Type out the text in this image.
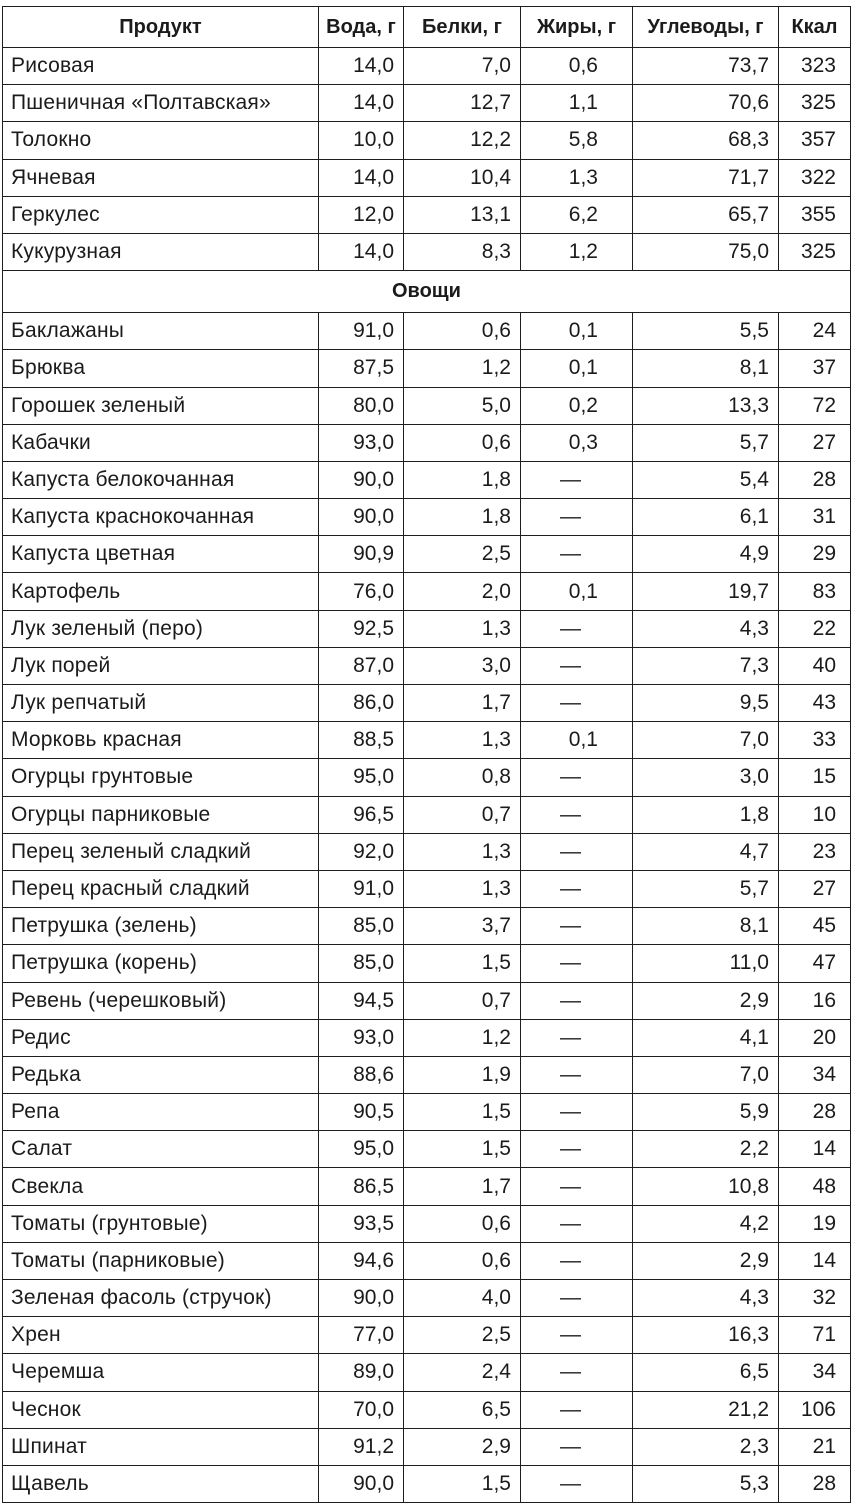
Продукт	Вода, г	Белки, г	Жиры, г	Углеводы, г	Ккал
Рисовая	14,0	7,0	0,6	73,7	323
Пшеничная «Полтавская»	14,0	12,7	1,1	70,6	325
Толокно	10,0	12,2	5,8	68,3	357
Ячневая	14,0	10,4	1,3	71,7	322
Геркулес	12,0	13,1	6,2	65,7	355
Кукурузная	14,0	8,3	1,2	75,0	325
Овощи					
Баклажаны	91,0	0,6	0,1	5,5	24
Брюква	87,5	1,2	0,1	8,1	37
Горошек зеленый	80,0	5,0	0,2	13,3	72
Кабачки	93,0	0,6	0,3	5,7	27
Капуста белокочанная	90,0	1,8	—	5,4	28
Капуста краснокочанная	90,0	1,8	—	6,1	31
Капуста цветная	90,9	2,5	—	4,9	29
Картофель	76,0	2,0	0,1	19,7	83
Лук зеленый (перо)	92,5	1,3	—	4,3	22
Лук порей	87,0	3,0	—	7,3	40
Лук репчатый	86,0	1,7	—	9,5	43
Морковь красная	88,5	1,3	0,1	7,0	33
Огурцы грунтовые	95,0	0,8	—	3,0	15
Огурцы парниковые	96,5	0,7	—	1,8	10
Перец зеленый сладкий	92,0	1,3	—	4,7	23
Перец красный сладкий	91,0	1,3	—	5,7	27
Петрушка (зелень)	85,0	3,7	—	8,1	45
Петрушка (корень)	85,0	1,5	—	11,0	47
Ревень (черешковый)	94,5	0,7	—	2,9	16
Редис	93,0	1,2	—	4,1	20
Редька	88,6	1,9	—	7,0	34
Репа	90,5	1,5	—	5,9	28
Салат	95,0	1,5	—	2,2	14
Свекла	86,5	1,7	—	10,8	48
Томаты (грунтовые)	93,5	0,6	—	4,2	19
Томаты (парниковые)	94,6	0,6	—	2,9	14
Зеленая фасоль (стручок)	90,0	4,0	—	4,3	32
Хрен	77,0	2,5	—	16,3	71
Черемша	89,0	2,4	—	6,5	34
Чеснок	70,0	6,5	—	21,2	106
Шпинат	91,2	2,9	—	2,3	21
Щавель	90,0	1,5	—	5,3	28
